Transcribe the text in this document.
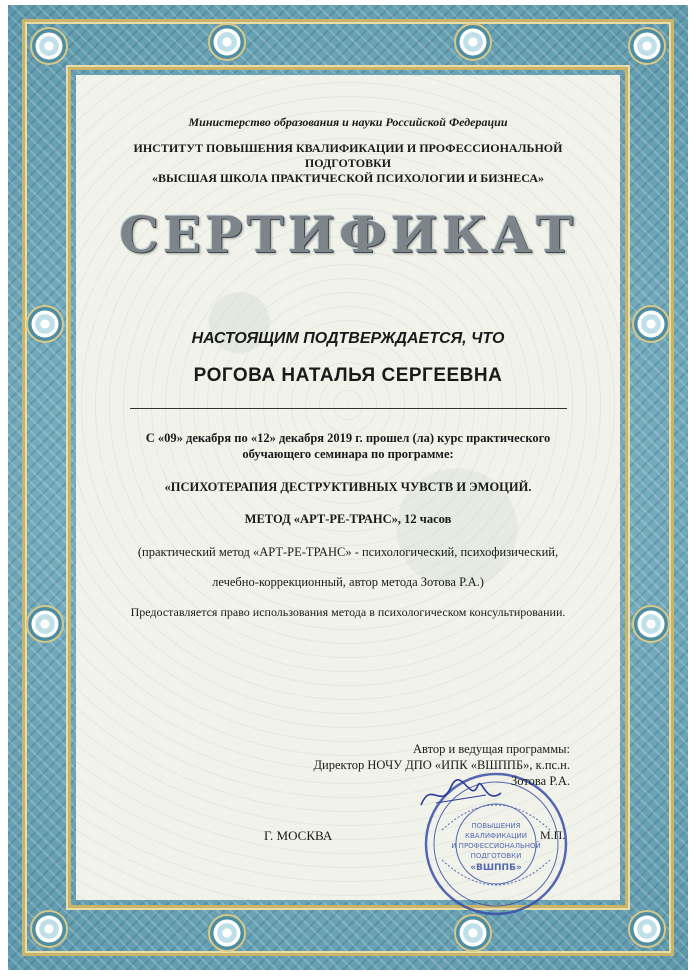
Министерство образования и науки Российской Федерации
ИНСТИТУТ ПОВЫШЕНИЯ КВАЛИФИКАЦИИ И ПРОФЕССИОНАЛЬНОЙ ПОДГОТОВКИ
«ВЫСШАЯ ШКОЛА ПРАКТИЧЕСКОЙ ПСИХОЛОГИИ И БИЗНЕСА»
СЕРТИФИКАТ
НАСТОЯЩИМ ПОДТВЕРЖДАЕТСЯ, ЧТО
РОГОВА НАТАЛЬЯ СЕРГЕЕВНА
С «09» декабря по «12» декабря 2019 г. прошел (ла) курс практического обучающего семинара по программе:
«ПСИХОТЕРАПИЯ ДЕСТРУКТИВНЫХ ЧУВСТВ И ЭМОЦИЙ.
МЕТОД «АРТ-РЕ-ТРАНС», 12 часов
(практический метод «АРТ-РЕ-ТРАНС» - психологический, психофизический,
лечебно-коррекционный, автор метода Зотова Р.А.)
Предоставляется право использования метода в психологическом консультировании.
ПОВЫШЕНИЯ
КВАЛИФИКАЦИИ
И ПРОФЕССИОНАЛЬНОЙ
ПОДГОТОВКИ
«ВШППБ»
Автор и ведущая программы:
Директор НОЧУ ДПО «ИПК «ВШППБ», к.пс.н.
Зотова Р.А.
Г. МОСКВА	М.П.
